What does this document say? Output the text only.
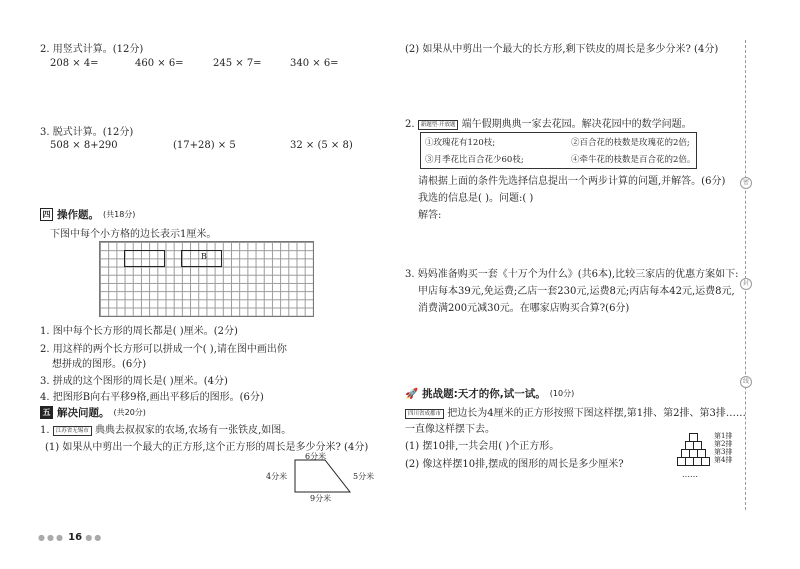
2. 用竖式计算。(12分)
208 × 4=	460 × 6=	245 × 7=	340 × 6=
3. 脱式计算。(12分)
508 × 8+290	(17+28) × 5	32 × (5 × 8)
四 操作题。 (共18分)
下图中每个小方格的边长表示1厘米。
B
1. 图中每个长方形的周长都是( )厘米。(2分)
2. 用这样的两个长方形可以拼成一个( ),请在图中画出你
想拼成的图形。(6分)
3. 拼成的这个图形的周长是( )厘米。(4分)
4. 把图形B向右平移9格,画出平移后的图形。(6分)
五 解决问题。 (共20分)
1. 江苏省无锡市 典典去叔叔家的农场,农场有一张铁皮,如图。
(1) 如果从中剪出一个最大的正方形,这个正方形的周长是多少分米? (4分)
6分米
4分米	5分米
9分米
●●● 16 ●●
(2) 如果从中剪出一个最大的长方形,剩下铁皮的周长是多少分米? (4分)
2. 新题型·开放题 端午假期典典一家去花园。解决花园中的数学问题。
①玫瑰花有120枝;	②百合花的枝数是玫瑰花的2倍;
③月季花比百合花少60枝;	④牵牛花的枝数是百合花的2倍。
请根据上面的条件先选择信息提出一个两步计算的问题,并解答。(6分)
我选的信息是( )。问题:( )
解答:
3. 妈妈准备购买一套《十万个为什么》(共6本),比较三家店的优惠方案如下:
甲店每本39元,免运费;乙店一套230元,运费8元;丙店每本42元,运费8元,
消费满200元减30元。在哪家店购买合算?(6分)
🚀 挑战题:天才的你,试一试。 (10分)
四川省成都市 把边长为4厘米的正方形按照下图这样摆,第1排、第2排、第3排……
一直像这样摆下去。
(1) 摆10排,一共会用( )个正方形。
(2) 像这样摆10排,摆成的图形的周长是多少厘米?
第1排
第2排
第3排
第4排
……
密
封
线
